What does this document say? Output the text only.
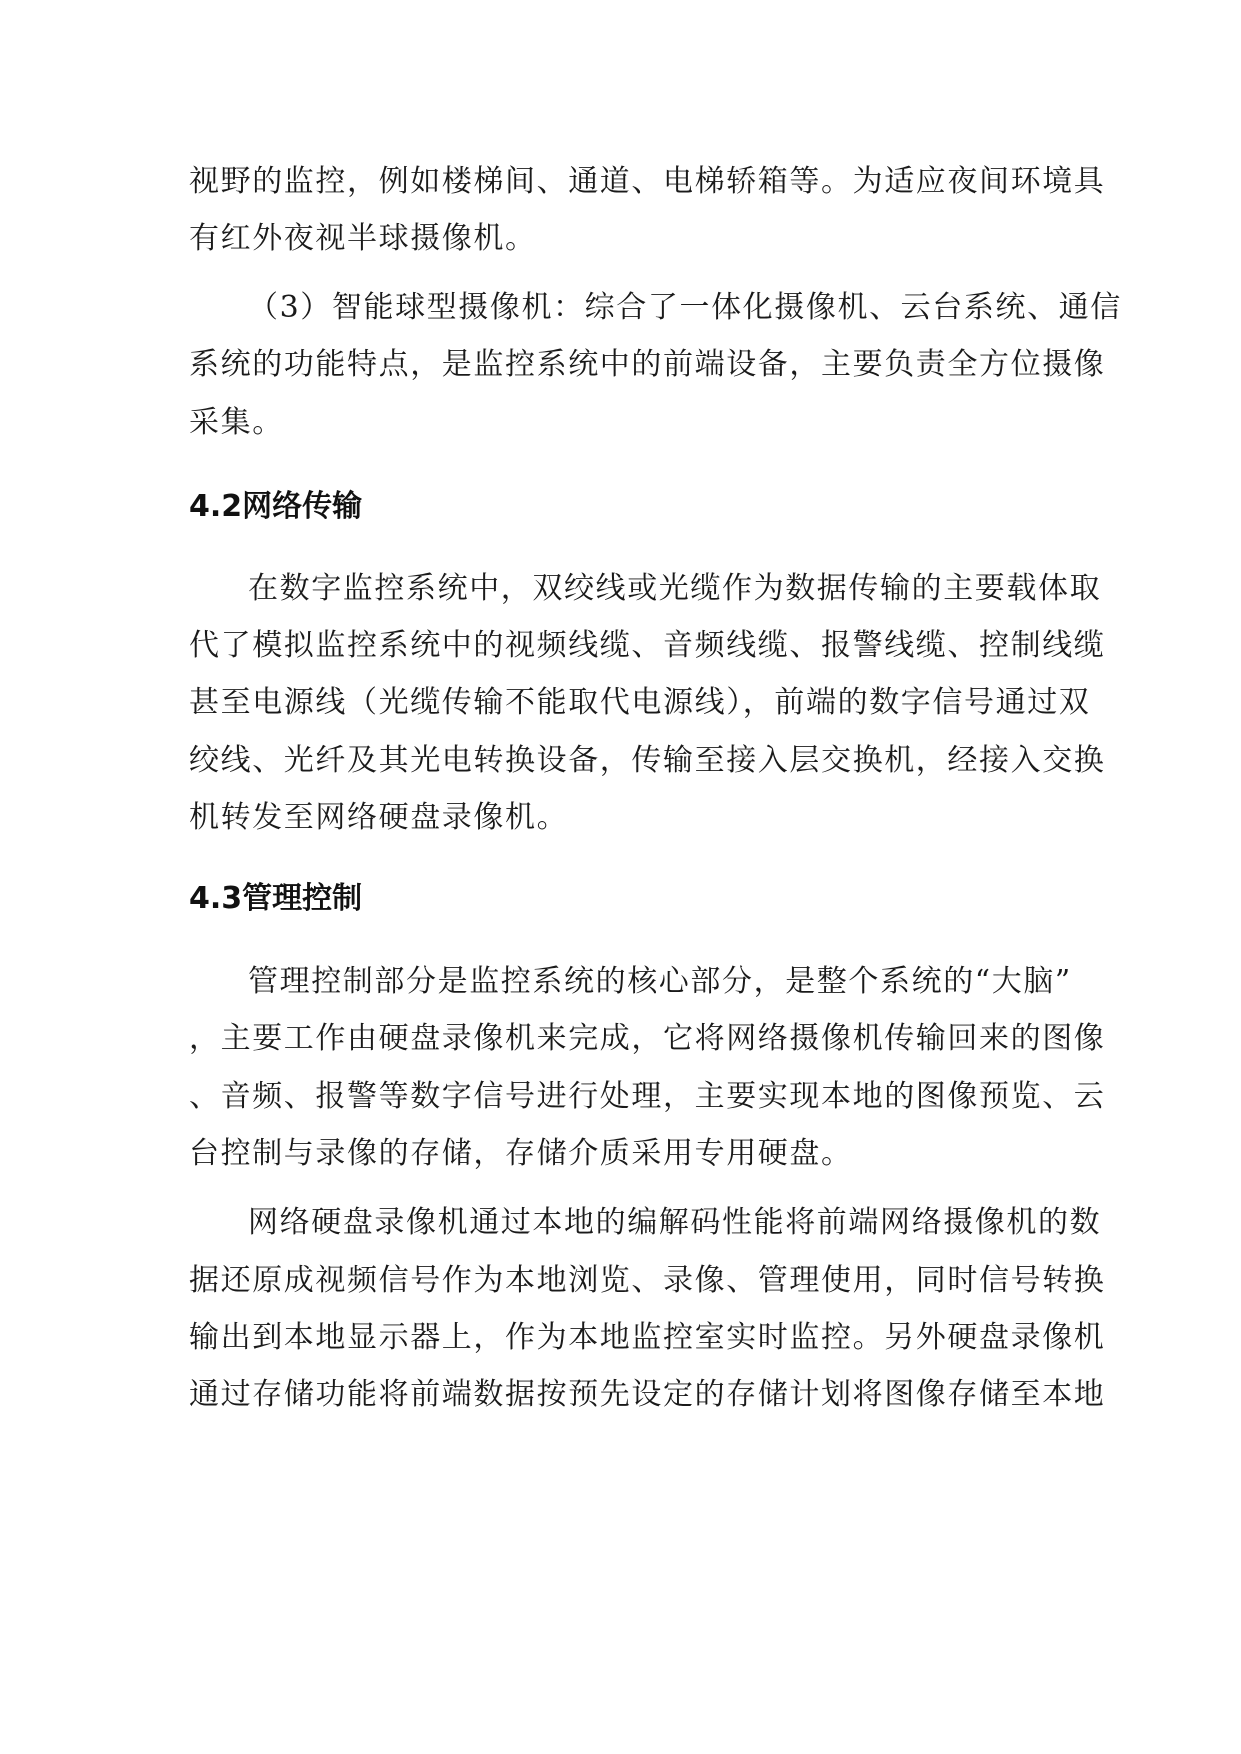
视野的监控，例如楼梯间、通道、电梯轿箱等。为适应夜间环境具

有红外夜视半球摄像机。

（3）智能球型摄像机：综合了一体化摄像机、云台系统、通信

系统的功能特点，是监控系统中的前端设备，主要负责全方位摄像

采集。

4.2网络传输

在数字监控系统中，双绞线或光缆作为数据传输的主要载体取

代了模拟监控系统中的视频线缆、音频线缆、报警线缆、控制线缆

甚至电源线（光缆传输不能取代电源线），前端的数字信号通过双

绞线、光纤及其光电转换设备，传输至接入层交换机，经接入交换

机转发至网络硬盘录像机。

4.3管理控制

管理控制部分是监控系统的核心部分，是整个系统的“大脑”

，主要工作由硬盘录像机来完成，它将网络摄像机传输回来的图像

、音频、报警等数字信号进行处理，主要实现本地的图像预览、云

台控制与录像的存储，存储介质采用专用硬盘。

网络硬盘录像机通过本地的编解码性能将前端网络摄像机的数

据还原成视频信号作为本地浏览、录像、管理使用，同时信号转换

输出到本地显示器上，作为本地监控室实时监控。另外硬盘录像机

通过存储功能将前端数据按预先设定的存储计划将图像存储至本地
